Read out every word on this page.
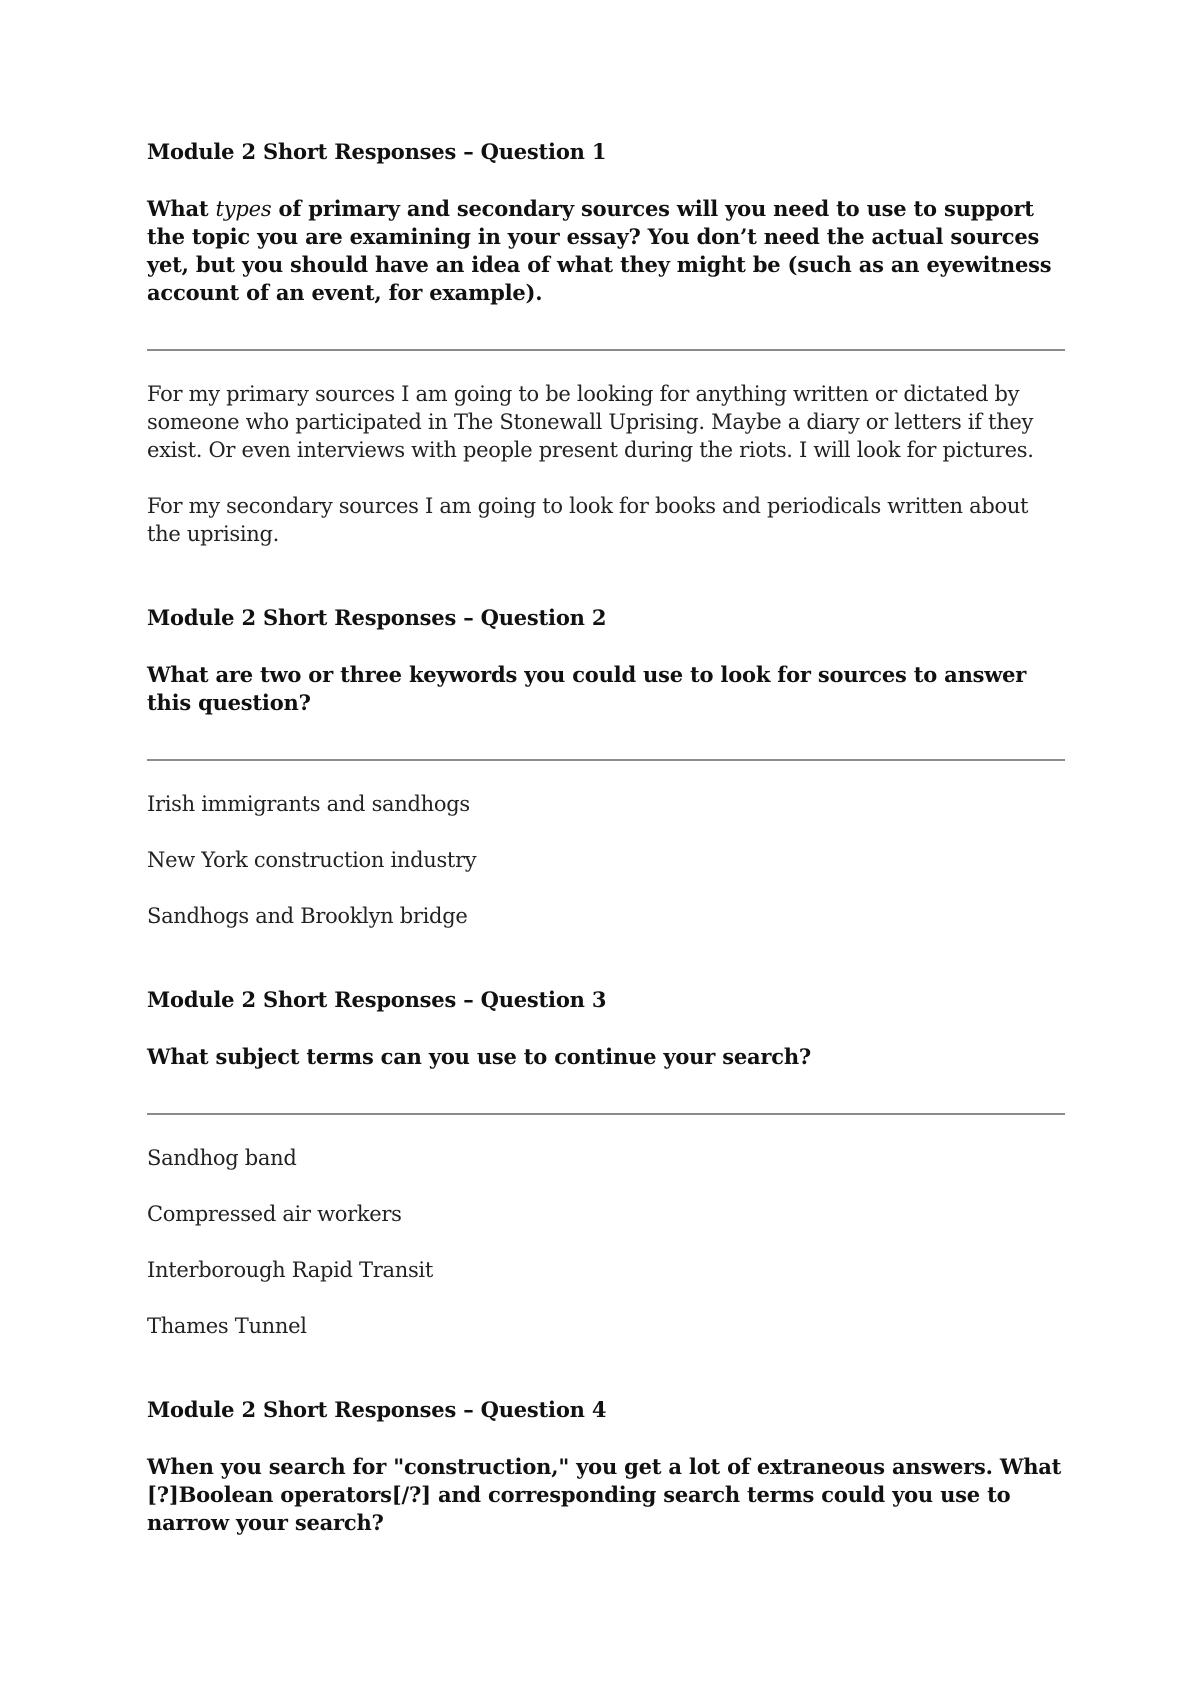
Module 2 Short Responses – Question 1

What types of primary and secondary sources will you need to use to support the topic you are examining in your essay? You don’t need the actual sources yet, but you should have an idea of what they might be (such as an eyewitness account of an event, for example).

For my primary sources I am going to be looking for anything written or dictated by someone who participated in The Stonewall Uprising. Maybe a diary or letters if they exist. Or even interviews with people present during the riots. I will look for pictures.

For my secondary sources I am going to look for books and periodicals written about the uprising.

Module 2 Short Responses – Question 2

What are two or three keywords you could use to look for sources to answer this question?

Irish immigrants and sandhogs

New York construction industry

Sandhogs and Brooklyn bridge

Module 2 Short Responses – Question 3

What subject terms can you use to continue your search?

Sandhog band

Compressed air workers

Interborough Rapid Transit

Thames Tunnel

Module 2 Short Responses – Question 4

When you search for "construction," you get a lot of extraneous answers. What [?]Boolean operators[/?] and corresponding search terms could you use to narrow your search?
